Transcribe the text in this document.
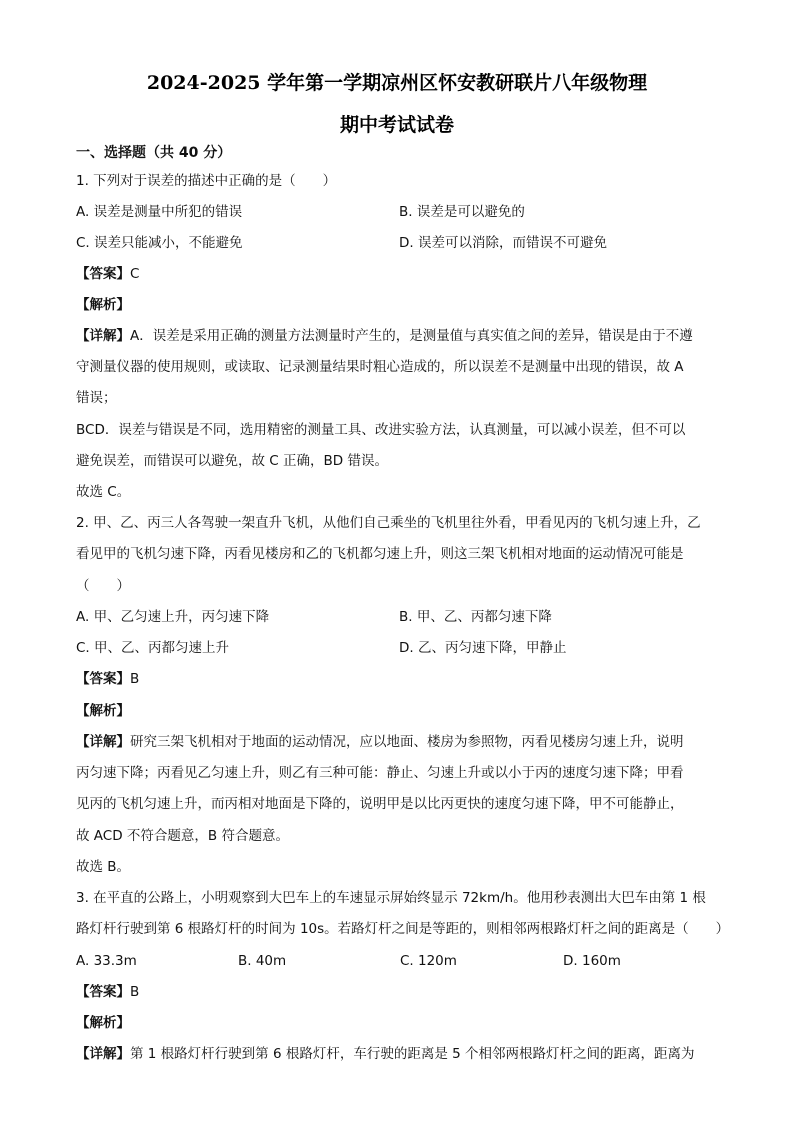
2024-2025 学年第一学期凉州区怀安教研联片八年级物理
期中考试试卷
一、选择题（共 40 分）
1. 下列对于误差的描述中正确的是（　　）
A. 误差是测量中所犯的错误	B. 误差是可以避免的
C. 误差只能减小，不能避免	D. 误差可以消除，而错误不可避免
【答案】C
【解析】
【详解】A．误差是采用正确的测量方法测量时产生的，是测量值与真实值之间的差异，错误是由于不遵
守测量仪器的使用规则，或读取、记录测量结果时粗心造成的，所以误差不是测量中出现的错误，故 A
错误；
BCD．误差与错误是不同，选用精密的测量工具、改进实验方法，认真测量，可以减小误差，但不可以
避免误差，而错误可以避免，故 C 正确，BD 错误。
故选 C。
2. 甲、乙、丙三人各驾驶一架直升飞机，从他们自己乘坐的飞机里往外看，甲看见丙的飞机匀速上升，乙
看见甲的飞机匀速下降，丙看见楼房和乙的飞机都匀速上升，则这三架飞机相对地面的运动情况可能是
（　　）
A. 甲、乙匀速上升，丙匀速下降	B. 甲、乙、丙都匀速下降
C. 甲、乙、丙都匀速上升	D. 乙、丙匀速下降，甲静止
【答案】B
【解析】
【详解】研究三架飞机相对于地面的运动情况，应以地面、楼房为参照物，丙看见楼房匀速上升，说明
丙匀速下降；丙看见乙匀速上升，则乙有三种可能：静止、匀速上升或以小于丙的速度匀速下降；甲看
见丙的飞机匀速上升，而丙相对地面是下降的，说明甲是以比丙更快的速度匀速下降，甲不可能静止，
故 ACD 不符合题意，B 符合题意。
故选 B。
3. 在平直的公路上，小明观察到大巴车上的车速显示屏始终显示 72km/h。他用秒表测出大巴车由第 1 根
路灯杆行驶到第 6 根路灯杆的时间为 10s。若路灯杆之间是等距的，则相邻两根路灯杆之间的距离是（　　）
A. 33.3m	B. 40m	C. 120m	D. 160m
【答案】B
【解析】
【详解】第 1 根路灯杆行驶到第 6 根路灯杆，车行驶的距离是 5 个相邻两根路灯杆之间的距离，距离为
